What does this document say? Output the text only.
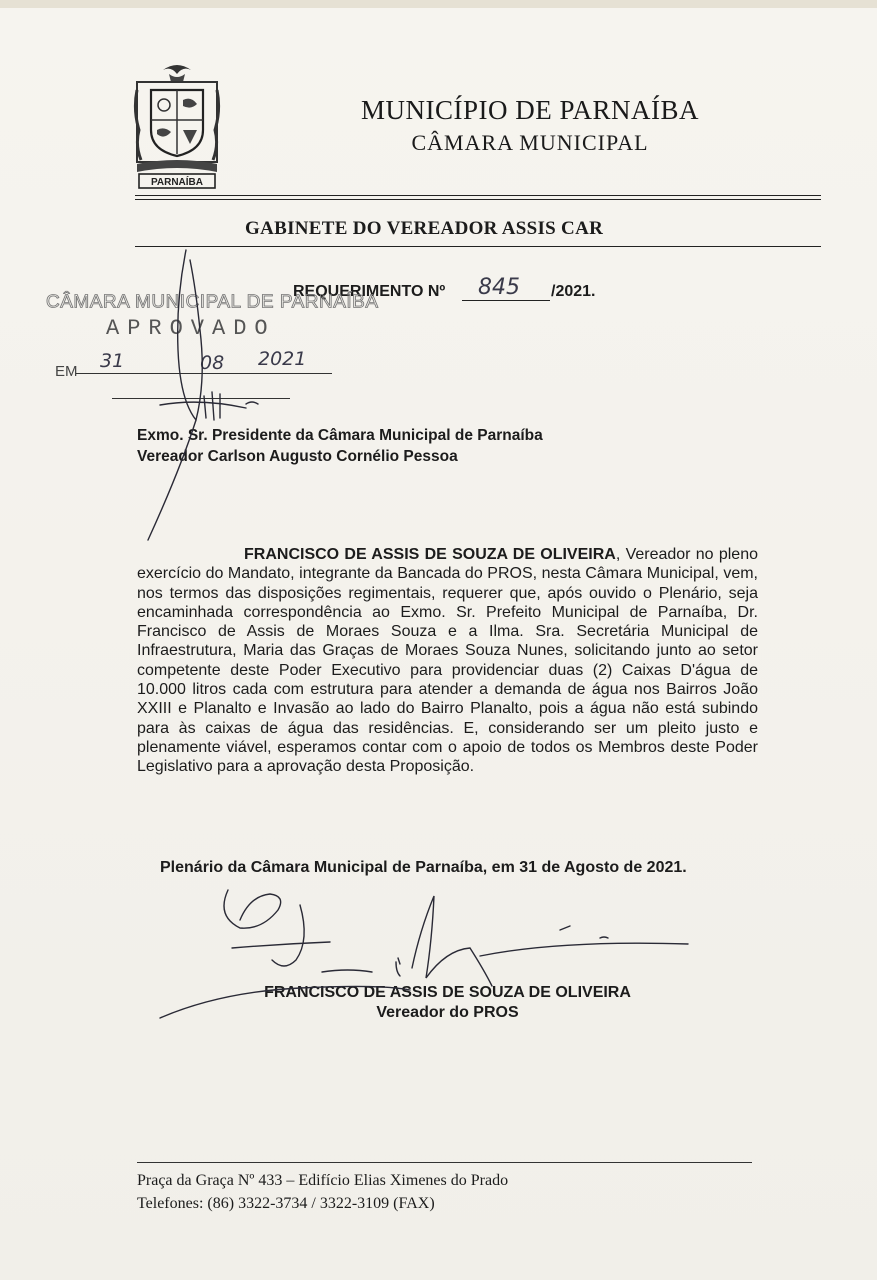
PARNAÍBA
MUNICÍPIO DE PARNAÍBA
CÂMARA MUNICIPAL
GABINETE DO VEREADOR ASSIS CAR
REQUERIMENTO Nº 845 /2021.
CÂMARA MUNICIPAL DE PARNAÍBA
APROVADO
EM 31	08 2021
Exmo. Sr. Presidente da Câmara Municipal de Parnaíba
Vereador Carlson Augusto Cornélio Pessoa
FRANCISCO DE ASSIS DE SOUZA DE OLIVEIRA, Vereador no pleno exercício do Mandato, integrante da Bancada do PROS, nesta Câmara Municipal, vem, nos termos das disposições regimentais, requerer que, após ouvido o Plenário, seja encaminhada correspondência ao Exmo. Sr. Prefeito Municipal de Parnaíba, Dr. Francisco de Assis de Moraes Souza e a Ilma. Sra. Secretária Municipal de Infraestrutura, Maria das Graças de Moraes Souza Nunes, solicitando junto ao setor competente deste Poder Executivo para providenciar duas (2) Caixas D'água de 10.000 litros cada com estrutura para atender a demanda de água nos Bairros João XXIII e Planalto e Invasão ao lado do Bairro Planalto, pois a água não está subindo para às caixas de água das residências. E, considerando ser um pleito justo e plenamente viável, esperamos contar com o apoio de todos os Membros deste Poder Legislativo para a aprovação desta Proposição.
Plenário da Câmara Municipal de Parnaíba, em 31 de Agosto de 2021.
FRANCISCO DE ASSIS DE SOUZA DE OLIVEIRA
Vereador do PROS
Praça da Graça Nº 433 – Edifício Elias Ximenes do Prado
Telefones: (86) 3322-3734 / 3322-3109 (FAX)
